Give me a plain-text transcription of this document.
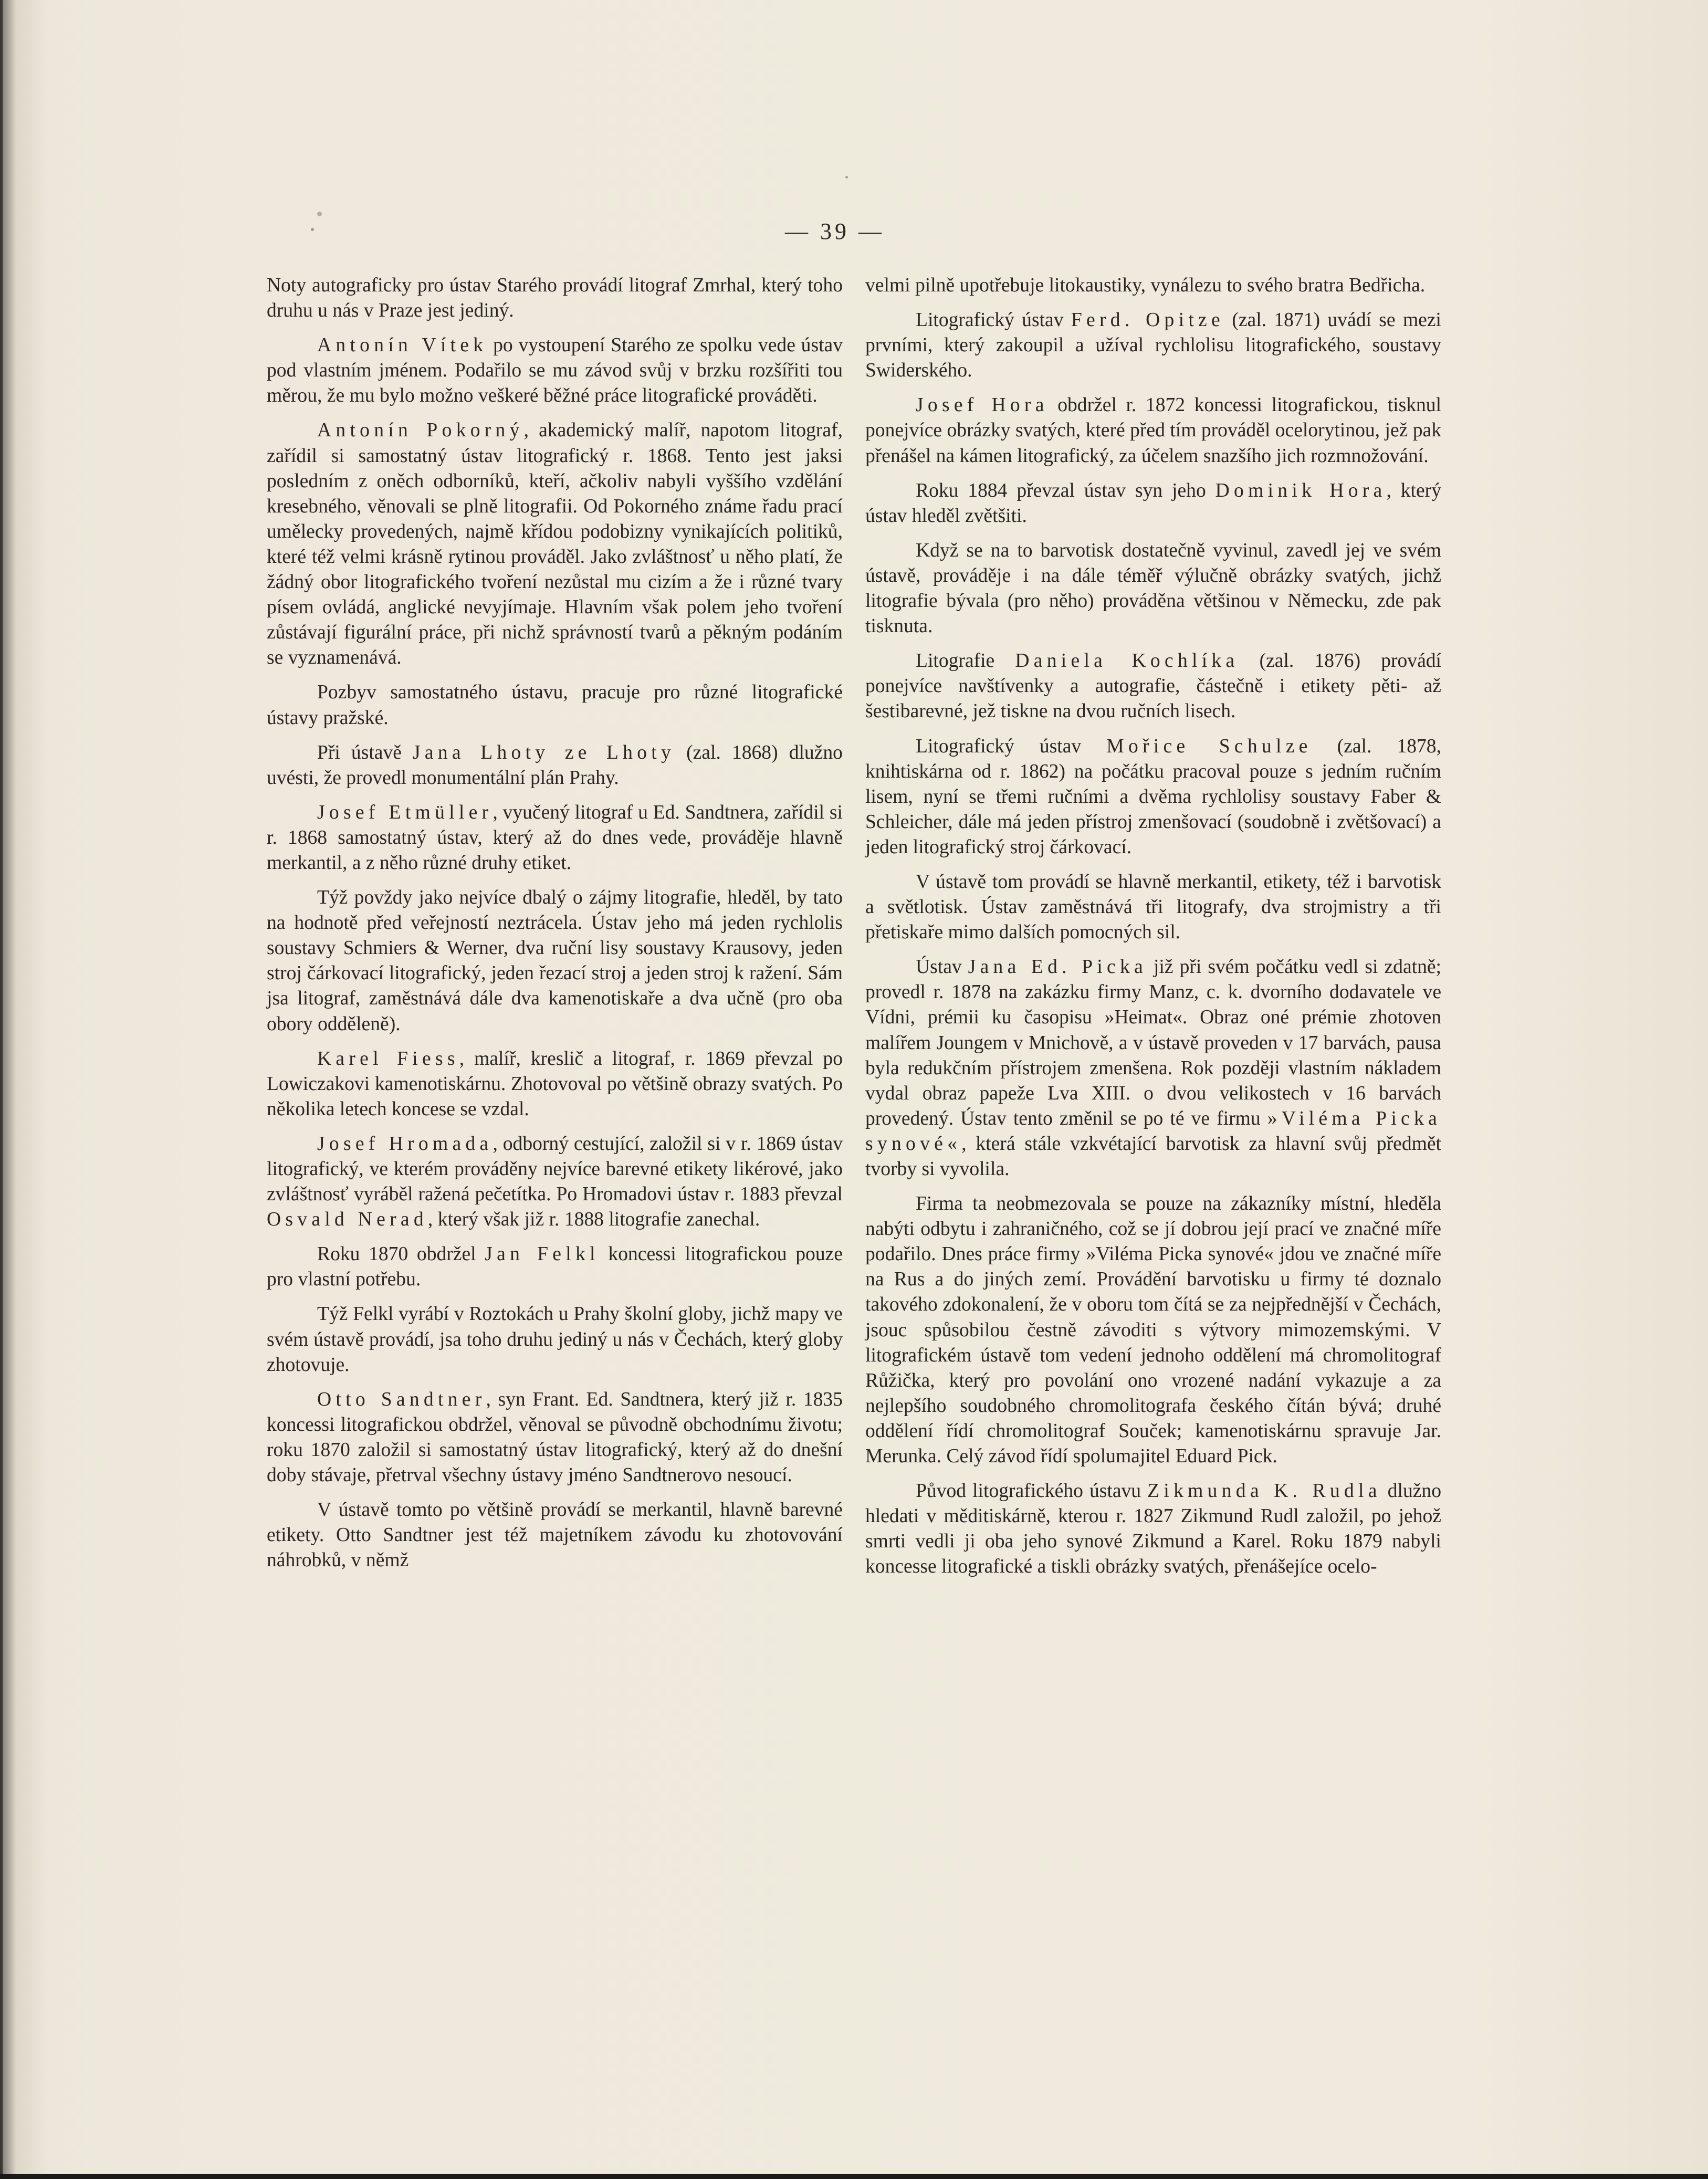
— 39 —

Noty autograficky pro ústav Starého provádí litograf Zmrhal, který toho druhu u nás v Praze jest jediný.

Antonín Vítek po vystoupení Starého ze spolku vede ústav pod vlastním jménem. Podařilo se mu závod svůj v brzku rozšířiti tou měrou, že mu bylo možno veškeré běžné práce litografické prováděti.

Antonín Pokorný, akademický malíř, napotom litograf, zařídil si samostatný ústav litografický r. 1868. Tento jest jaksi posledním z oněch odborníků, kteří, ačkoliv nabyli vyššího vzdělání kresebného, věnovali se plně litografii. Od Pokorného známe řadu prací umělecky provedených, najmě křídou podobizny vynikajících politiků, které též velmi krásně rytinou prováděl. Jako zvláštnosť u něho platí, že žádný obor litografického tvoření nezůstal mu cizím a že i různé tvary písem ovládá, anglické nevyjímaje. Hlavním však polem jeho tvoření zůstávají figurální práce, při nichž správností tvarů a pěkným podáním se vyznamenává.

Pozbyv samostatného ústavu, pracuje pro různé litografické ústavy pražské.

Při ústavě Jana Lhoty ze Lhoty (zal. 1868) dlužno uvésti, že provedl monumentální plán Prahy.

Josef Etmüller, vyučený litograf u Ed. Sandtnera, zařídil si r. 1868 samostatný ústav, který až do dnes vede, prováděje hlavně merkantil, a z něho různé druhy etiket.

Týž povždy jako nejvíce dbalý o zájmy litografie, hleděl, by tato na hodnotě před veřejností neztrácela. Ústav jeho má jeden rychlolis soustavy Schmiers & Werner, dva ruční lisy soustavy Krausovy, jeden stroj čárkovací litografický, jeden řezací stroj a jeden stroj k ražení. Sám jsa litograf, zaměstnává dále dva kamenotiskaře a dva učně (pro oba obory odděleně).

Karel Fiess, malíř, kreslič a litograf, r. 1869 převzal po Lowiczakovi kamenotiskárnu. Zhotovoval po většině obrazy svatých. Po několika letech koncese se vzdal.

Josef Hromada, odborný cestující, založil si v r. 1869 ústav litografický, ve kterém prováděny nejvíce barevné etikety likérové, jako zvláštnosť vyráběl ražená pečetítka. Po Hromadovi ústav r. 1883 převzal Osvald Nerad, který však již r. 1888 litografie zanechal.

Roku 1870 obdržel Jan Felkl koncessi litografickou pouze pro vlastní potřebu.

Týž Felkl vyrábí v Roztokách u Prahy školní globy, jichž mapy ve svém ústavě provádí, jsa toho druhu jediný u nás v Čechách, který globy zhotovuje.

Otto Sandtner, syn Frant. Ed. Sandtnera, který již r. 1835 koncessi litografickou obdržel, věnoval se původně obchodnímu životu; roku 1870 založil si samostatný ústav litografický, který až do dnešní doby stávaje, přetrval všechny ústavy jméno Sandtnerovo nesoucí.

V ústavě tomto po většině provádí se merkantil, hlavně barevné etikety. Otto Sandtner jest též majetníkem závodu ku zhotovování náhrobků, v němž

velmi pilně upotřebuje litokaustiky, vynálezu to svého bratra Bedřicha.

Litografický ústav Ferd. Opitze (zal. 1871) uvádí se mezi prvními, který zakoupil a užíval rychlolisu litografického, soustavy Swiderského.

Josef Hora obdržel r. 1872 koncessi litografickou, tisknul ponejvíce obrázky svatých, které před tím prováděl ocelorytinou, jež pak přenášel na kámen litografický, za účelem snazšího jich rozmnožování.

Roku 1884 převzal ústav syn jeho Dominik Hora, který ústav hleděl zvětšiti.

Když se na to barvotisk dostatečně vyvinul, zavedl jej ve svém ústavě, prováděje i na dále téměř výlučně obrázky svatých, jichž litografie bývala (pro něho) prováděna většinou v Německu, zde pak tisknuta.

Litografie Daniela Kochlíka (zal. 1876) provádí ponejvíce navštívenky a autografie, částečně i etikety pěti- až šestibarevné, jež tiskne na dvou ručních lisech.

Litografický ústav Mořice Schulze (zal. 1878, knihtiskárna od r. 1862) na počátku pracoval pouze s jedním ručním lisem, nyní se třemi ručními a dvěma rychlolisy soustavy Faber & Schleicher, dále má jeden přístroj zmenšovací (soudobně i zvětšovací) a jeden litografický stroj čárkovací.

V ústavě tom provádí se hlavně merkantil, etikety, též i barvotisk a světlotisk. Ústav zaměstnává tři litografy, dva strojmistry a tři přetiskaře mimo dalších pomocných sil.

Ústav Jana Ed. Picka již při svém počátku vedl si zdatně; provedl r. 1878 na zakázku firmy Manz, c. k. dvorního dodavatele ve Vídni, prémii ku časopisu »Heimat«. Obraz oné prémie zhotoven malířem Joungem v Mnichově, a v ústavě proveden v 17 barvách, pausa byla redukčním přístrojem zmenšena. Rok později vlastním nákladem vydal obraz papeže Lva XIII. o dvou velikostech v 16 barvách provedený. Ústav tento změnil se po té ve firmu »Viléma Picka synové«, která stále vzkvétající barvotisk za hlavní svůj předmět tvorby si vyvolila.

Firma ta neobmezovala se pouze na zákazníky místní, hleděla nabýti odbytu i zahraničného, což se jí dobrou její prací ve značné míře podařilo. Dnes práce firmy »Viléma Picka synové« jdou ve značné míře na Rus a do jiných zemí. Provádění barvotisku u firmy té doznalo takového zdokonalení, že v oboru tom čítá se za nejpřednější v Čechách, jsouc spůsobilou čestně závoditi s výtvory mimozemskými. V litografickém ústavě tom vedení jednoho oddělení má chromolitograf Růžička, který pro povolání ono vrozené nadání vykazuje a za nejlepšího soudobného chromolitografa českého čítán bývá; druhé oddělení řídí chromolitograf Souček; kamenotiskárnu spravuje Jar. Merunka. Celý závod řídí spolumajitel Eduard Pick.

Původ litografického ústavu Zikmunda K. Rudla dlužno hledati v měditiskárně, kterou r. 1827 Zikmund Rudl založil, po jehož smrti vedli ji oba jeho synové Zikmund a Karel. Roku 1879 nabyli koncesse litografické a tiskli obrázky svatých, přenášejíce ocelo-
